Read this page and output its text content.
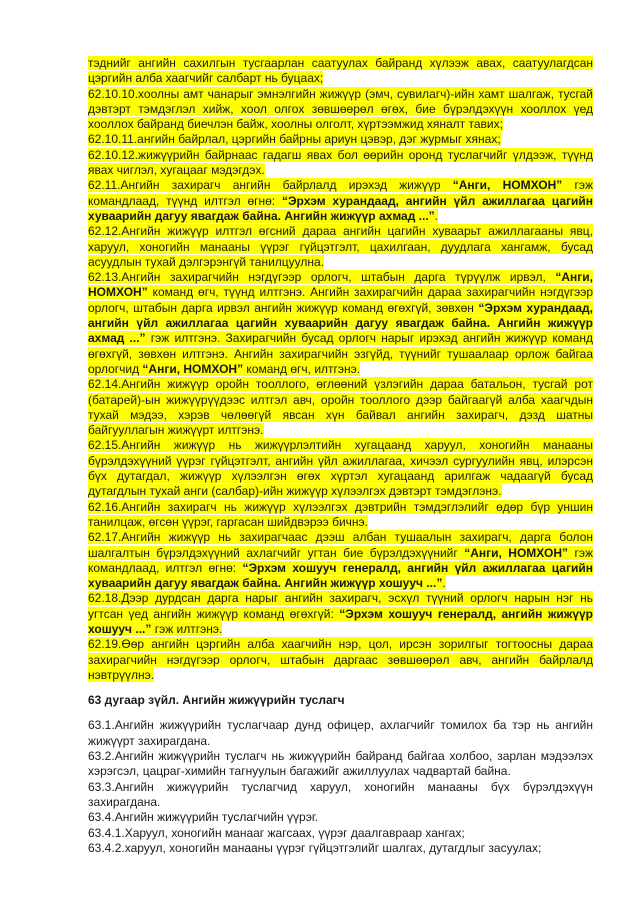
тэднийг ангийн сахилгын тусгаарлан саатуулах байранд хүлээж авах, саатуулагдсан цэргийн алба хаагчийг салбарт нь буцаах;

62.10.10.хоолны амт чанарыг эмнэлгийн жижүүр (эмч, сувилагч)-ийн хамт шалгаж, тусгай дэвтэрт тэмдэглэл хийж, хоол олгох зөвшөөрөл өгөх, бие бүрэлдэхүүн хооллох үед хооллох байранд биечлэн байж, хоолны олголт, хүртээмжид хяналт тавих;

62.10.11.ангийн байрлал, цэргийн байрны ариун цэвэр, дэг журмыг хянах;

62.10.12.жижүүрийн байрнаас гадагш явах бол өөрийн оронд туслагчийг үлдээж, түүнд явах чиглэл, хугацааг мэдэгдэх.

62.11.Ангийн захирагч ангийн байрлалд ирэхэд жижүүр “Анги, НОМХОН” гэж командлаад, түүнд илтгэл өгнө: “Эрхэм хурандаад, ангийн үйл ажиллагаа цагийн хуваарийн дагуу явагдаж байна. Ангийн жижүүр ахмад ...”.

62.12.Ангийн жижүүр илтгэл өгсний дараа ангийн цагийн хуваарьт ажиллагааны явц, харуул, хоногийн манааны үүрэг гүйцэтгэлт, цахилгаан, дуудлага хангамж, бусад асуудлын тухай дэлгэрэнгүй танилцуулна.

62.13.Ангийн захирагчийн нэгдүгээр орлогч, штабын дарга түрүүлж ирвэл, “Анги, НОМХОН” команд өгч, түүнд илтгэнэ. Ангийн захирагчийн дараа захирагчийн нэгдүгээр орлогч, штабын дарга ирвэл ангийн жижүүр команд өгөхгүй, зөвхөн “Эрхэм хурандаад, ангийн үйл ажиллагаа цагийн хуваарийн дагуу явагдаж байна. Ангийн жижүүр ахмад ...” гэж илтгэнэ. Захирагчийн бусад орлогч нарыг ирэхэд ангийн жижүүр команд өгөхгүй, зөвхөн илтгэнэ. Ангийн захирагчийн эзгүйд, түүнийг тушаалаар орлож байгаа орлогчид “Анги, НОМХОН” команд өгч, илтгэнэ.

62.14.Ангийн жижүүр оройн тооллого, өглөөний үзлэгийн дараа батальон, тусгай рот (батарей)-ын жижүүрүүдээс илтгэл авч, оройн тооллого дээр байгаагүй алба хаагчдын тухай мэдээ, хэрэв чөлөөгүй явсан хүн байвал ангийн захирагч, дэзд шатны байгууллагын жижүүрт илтгэнэ.

62.15.Ангийн жижүүр нь жижүүрлэлтийн хугацаанд харуул, хоногийн манааны бүрэлдэхүүний үүрэг гүйцэтгэлт, ангийн үйл ажиллагаа, хичээл сургуулийн явц, илэрсэн бүх дутагдал, жижүүр хүлээлгэн өгөх хүртэл хугацаанд арилгаж чадаагүй бусад дутагдлын тухай анги (салбар)-ийн жижүүр хүлээлгэх дэвтэрт тэмдэглэнэ.

62.16.Ангийн захирагч нь жижүүр хүлээлгэх дэвтрийн тэмдэглэлийг өдөр бүр уншин танилцаж, өгсөн үүрэг, гаргасан шийдвэрээ бичнэ.

62.17.Ангийн жижүүр нь захирагчаас дээш албан тушаалын захирагч, дарга болон шалгалтын бүрэлдэхүүний ахлагчийг угтан бие бүрэлдэхүүнийг “Анги, НОМХОН” гэж командлаад, илтгэл өгнө: “Эрхэм хошууч генералд, ангийн үйл ажиллагаа цагийн хуваарийн дагуу явагдаж байна. Ангийн жижүүр хошууч ...”.

62.18.Дээр дурдсан дарга нарыг ангийн захирагч, эсхүл түүний орлогч нарын нэг нь угтсан үед ангийн жижүүр команд өгөхгүй: “Эрхэм хошууч генералд, ангийн жижүүр хошууч ...” гэж илтгэнэ.

62.19.Өөр ангийн цэргийн алба хаагчийн нэр, цол, ирсэн зорилгыг тогтоосны дараа захирагчийн нэгдүгээр орлогч, штабын даргаас зөвшөөрөл авч, ангийн байрлалд нэвтрүүлнэ.

63 дугаар зүйл. Ангийн жижүүрийн туслагч

63.1.Ангийн жижүүрийн туслагчаар дунд офицер, ахлагчийг томилох ба тэр нь ангийн жижүүрт захирагдана.

63.2.Ангийн жижүүрийн туслагч нь жижүүрийн байранд байгаа холбоо, зарлан мэдээлэх хэрэгсэл, цацраг-химийн тагнуулын багажийг ажиллуулах чадвартай байна.

63.3.Ангийн жижүүрийн туслагчид харуул, хоногийн манааны бүх бүрэлдэхүүн захирагдана.

63.4.Ангийн жижүүрийн туслагчийн үүрэг.

63.4.1.Харуул, хоногийн манааг жагсаах, үүрэг даалгавраар хангах;

63.4.2.харуул, хоногийн манааны үүрэг гүйцэтгэлийг шалгах, дутагдлыг засуулах;
